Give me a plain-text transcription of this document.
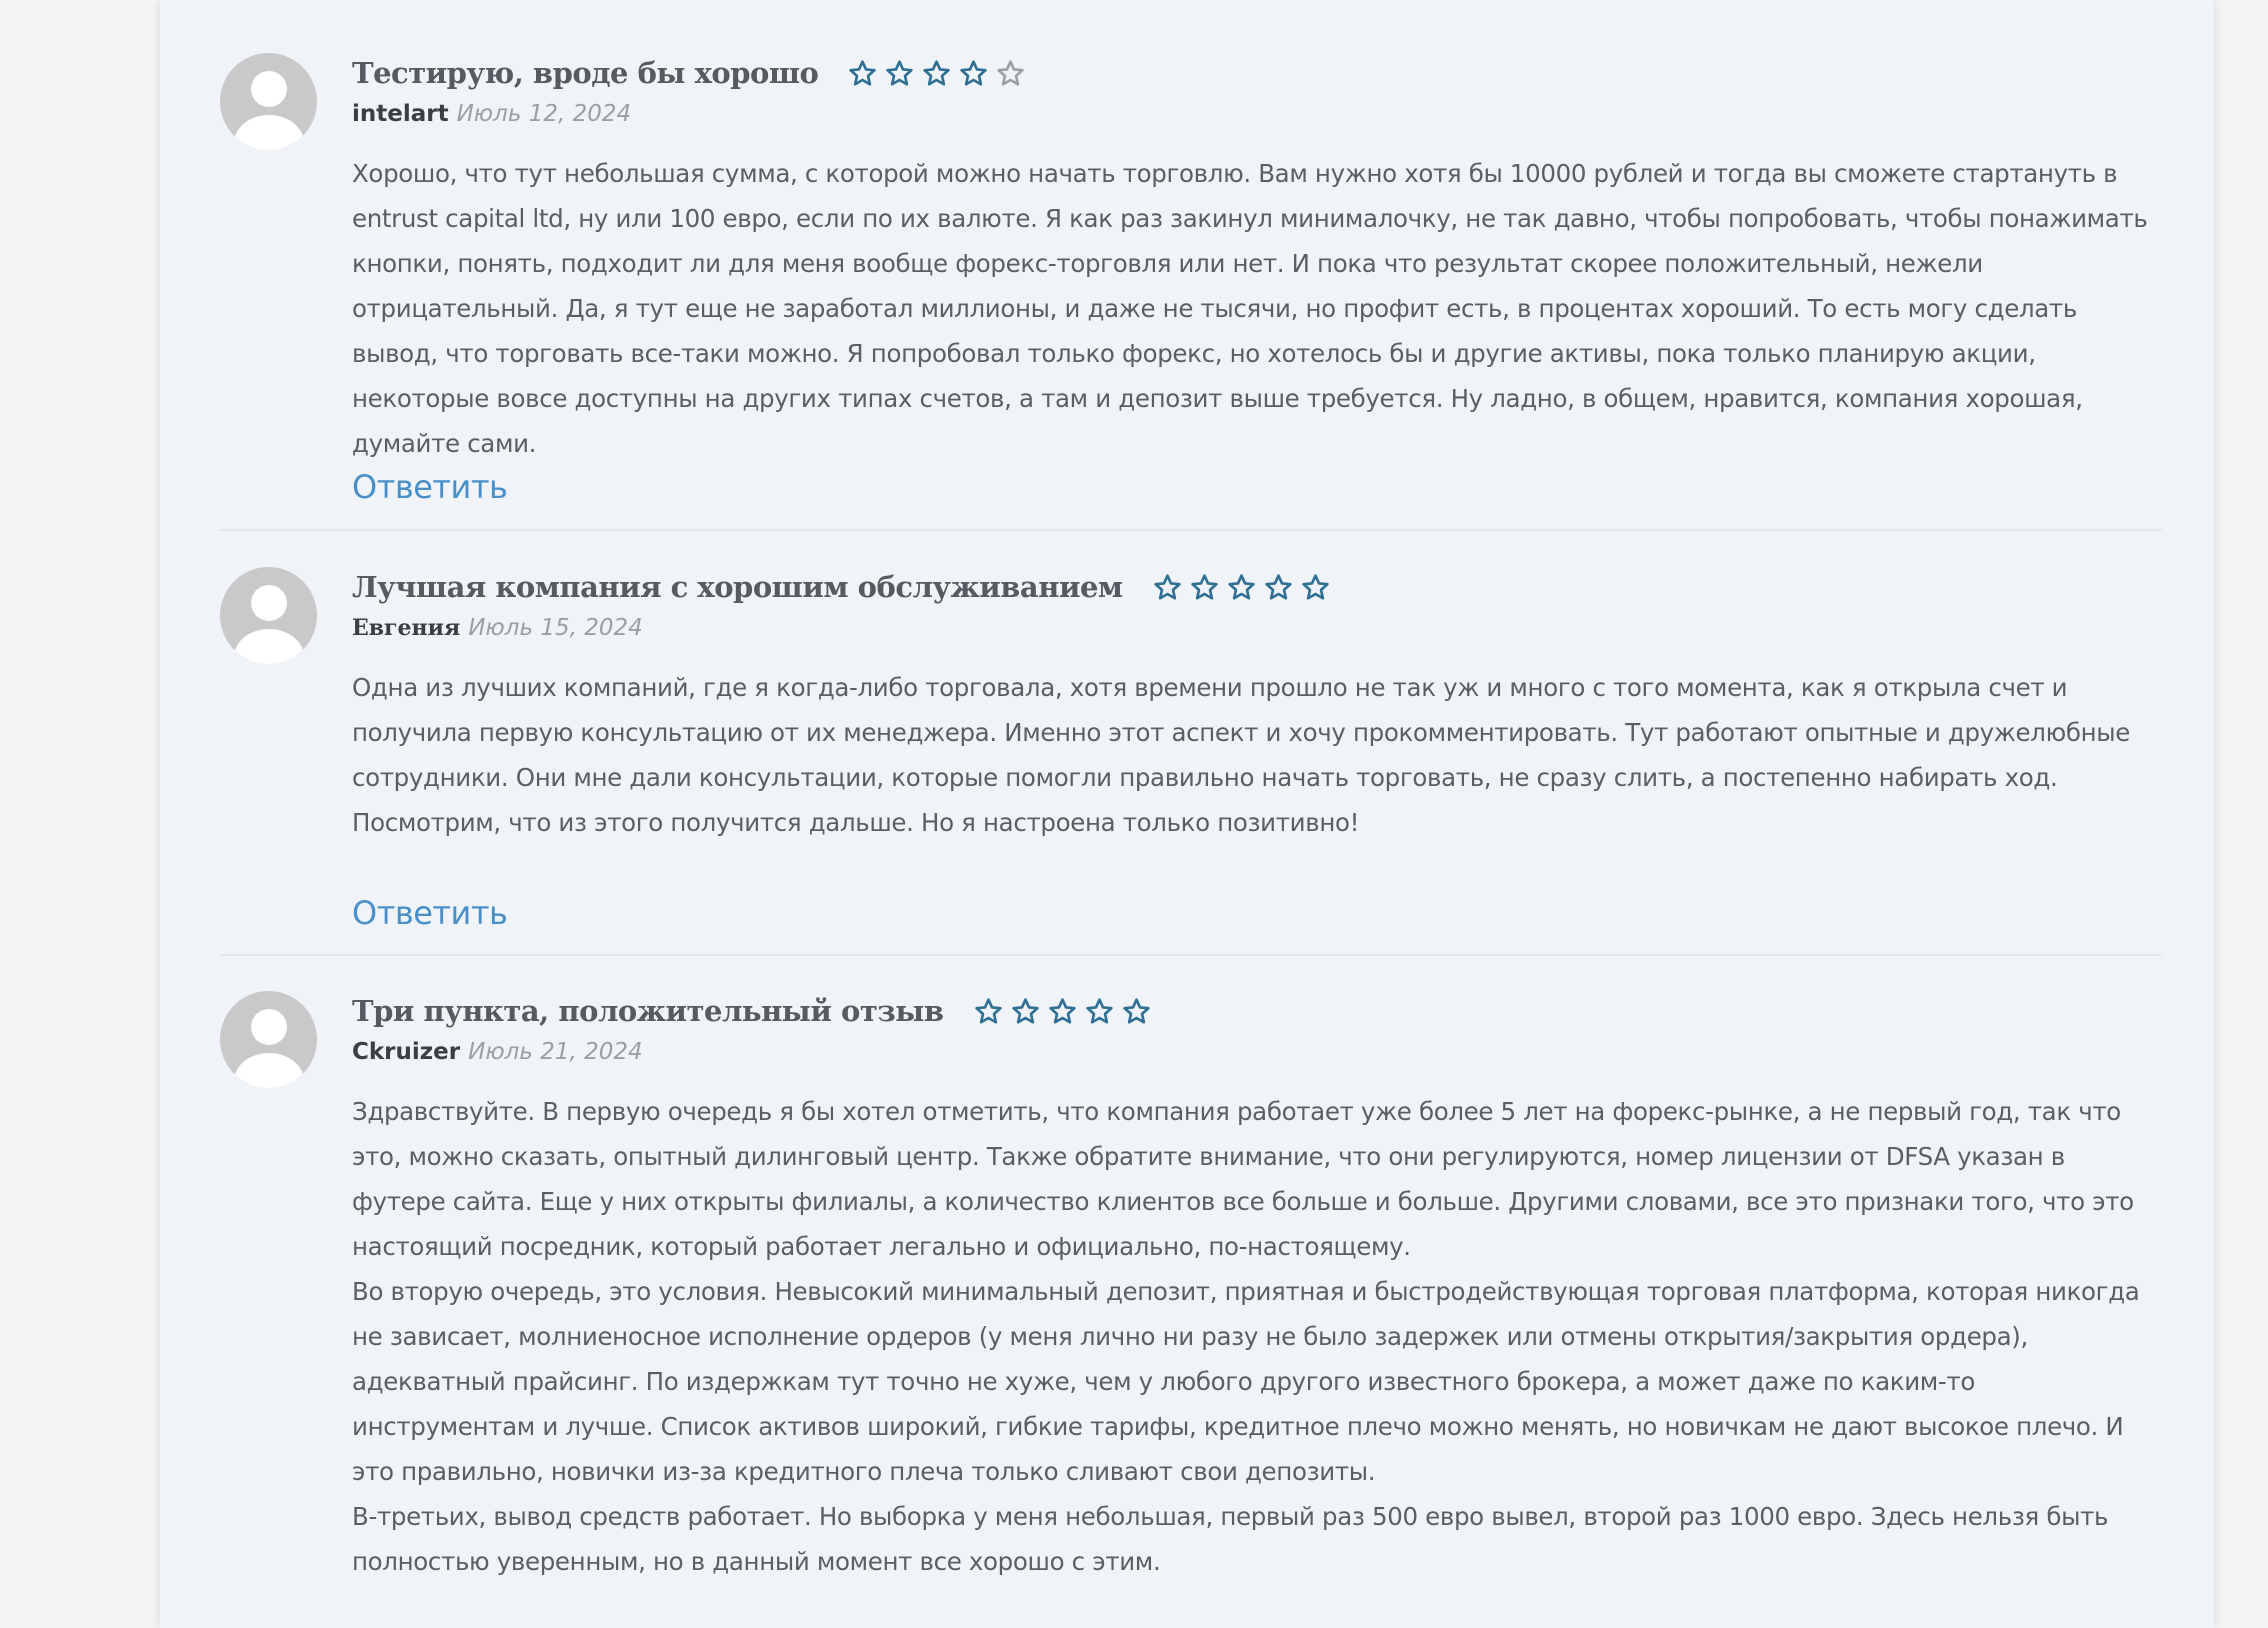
Тестирую, вроде бы хорошо
intelart Июль 12, 2024

Хорошо, что тут небольшая сумма, с которой можно начать торговлю. Вам нужно хотя бы 10000 рублей и тогда вы сможете стартануть в entrust capital ltd, ну или 100 евро, если по их валюте. Я как раз закинул минималочку, не так давно, чтобы попробовать, чтобы понажимать кнопки, понять, подходит ли для меня вообще форекс-торговля или нет. И пока что результат скорее положительный, нежели отрицательный. Да, я тут еще не заработал миллионы, и даже не тысячи, но профит есть, в процентах хороший. То есть могу сделать вывод, что торговать все-таки можно. Я попробовал только форекс, но хотелось бы и другие активы, пока только планирую акции, некоторые вовсе доступны на других типах счетов, а там и депозит выше требуется. Ну ладно, в общем, нравится, компания хорошая, думайте сами.

Ответить
Лучшая компания с хорошим обслуживанием
Евгения Июль 15, 2024

Одна из лучших компаний, где я когда-либо торговала, хотя времени прошло не так уж и много с того момента, как я открыла счет и получила первую консультацию от их менеджера. Именно этот аспект и хочу прокомментировать. Тут работают опытные и дружелюбные сотрудники. Они мне дали консультации, которые помогли правильно начать торговать, не сразу слить, а постепенно набирать ход. Посмотрим, что из этого получится дальше. Но я настроена только позитивно!

Ответить
Три пункта, положительный отзыв
Ckruizer Июль 21, 2024

Здравствуйте. В первую очередь я бы хотел отметить, что компания работает уже более 5 лет на форекс-рынке, а не первый год, так что это, можно сказать, опытный дилинговый центр. Также обратите внимание, что они регулируются, номер лицензии от DFSA указан в футере сайта. Еще у них открыты филиалы, а количество клиентов все больше и больше. Другими словами, все это признаки того, что это настоящий посредник, который работает легально и официально, по-настоящему.

Во вторую очередь, это условия. Невысокий минимальный депозит, приятная и быстродействующая торговая платформа, которая никогда не зависает, молниеносное исполнение ордеров (у меня лично ни разу не было задержек или отмены открытия/закрытия ордера), адекватный прайсинг. По издержкам тут точно не хуже, чем у любого другого известного брокера, а может даже по каким-то инструментам и лучше. Список активов широкий, гибкие тарифы, кредитное плечо можно менять, но новичкам не дают высокое плечо. И это правильно, новички из-за кредитного плеча только сливают свои депозиты.

В-третьих, вывод средств работает. Но выборка у меня небольшая, первый раз 500 евро вывел, второй раз 1000 евро. Здесь нельзя быть полностью уверенным, но в данный момент все хорошо с этим.
